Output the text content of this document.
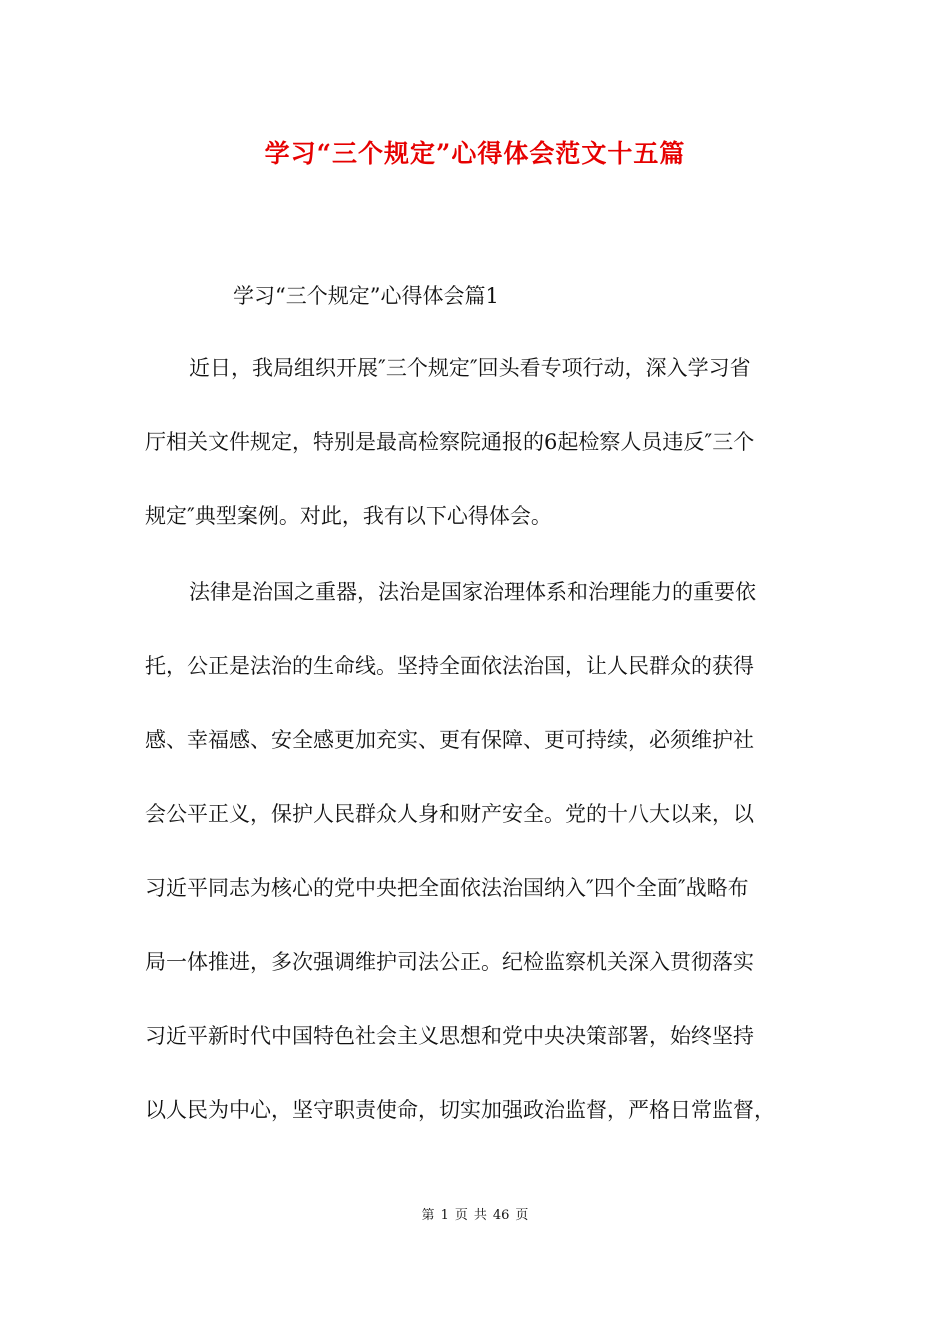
学习“三个规定”心得体会范文十五篇
学习“三个规定”心得体会篇1
近日，我局组织开展″三个规定″回头看专项行动，深入学习省
厅相关文件规定，特别是最高检察院通报的6起检察人员违反″三个
规定″典型案例。对此，我有以下心得体会。
法律是治国之重器，法治是国家治理体系和治理能力的重要依
托，公正是法治的生命线。坚持全面依法治国，让人民群众的获得
感、幸福感、安全感更加充实、更有保障、更可持续，必须维护社
会公平正义，保护人民群众人身和财产安全。党的十八大以来，以
习近平同志为核心的党中央把全面依法治国纳入″四个全面″战略布
局一体推进，多次强调维护司法公正。纪检监察机关深入贯彻落实
习近平新时代中国特色社会主义思想和党中央决策部署，始终坚持
以人民为中心，坚守职责使命，切实加强政治监督，严格日常监督，
第 1 页 共 46 页
